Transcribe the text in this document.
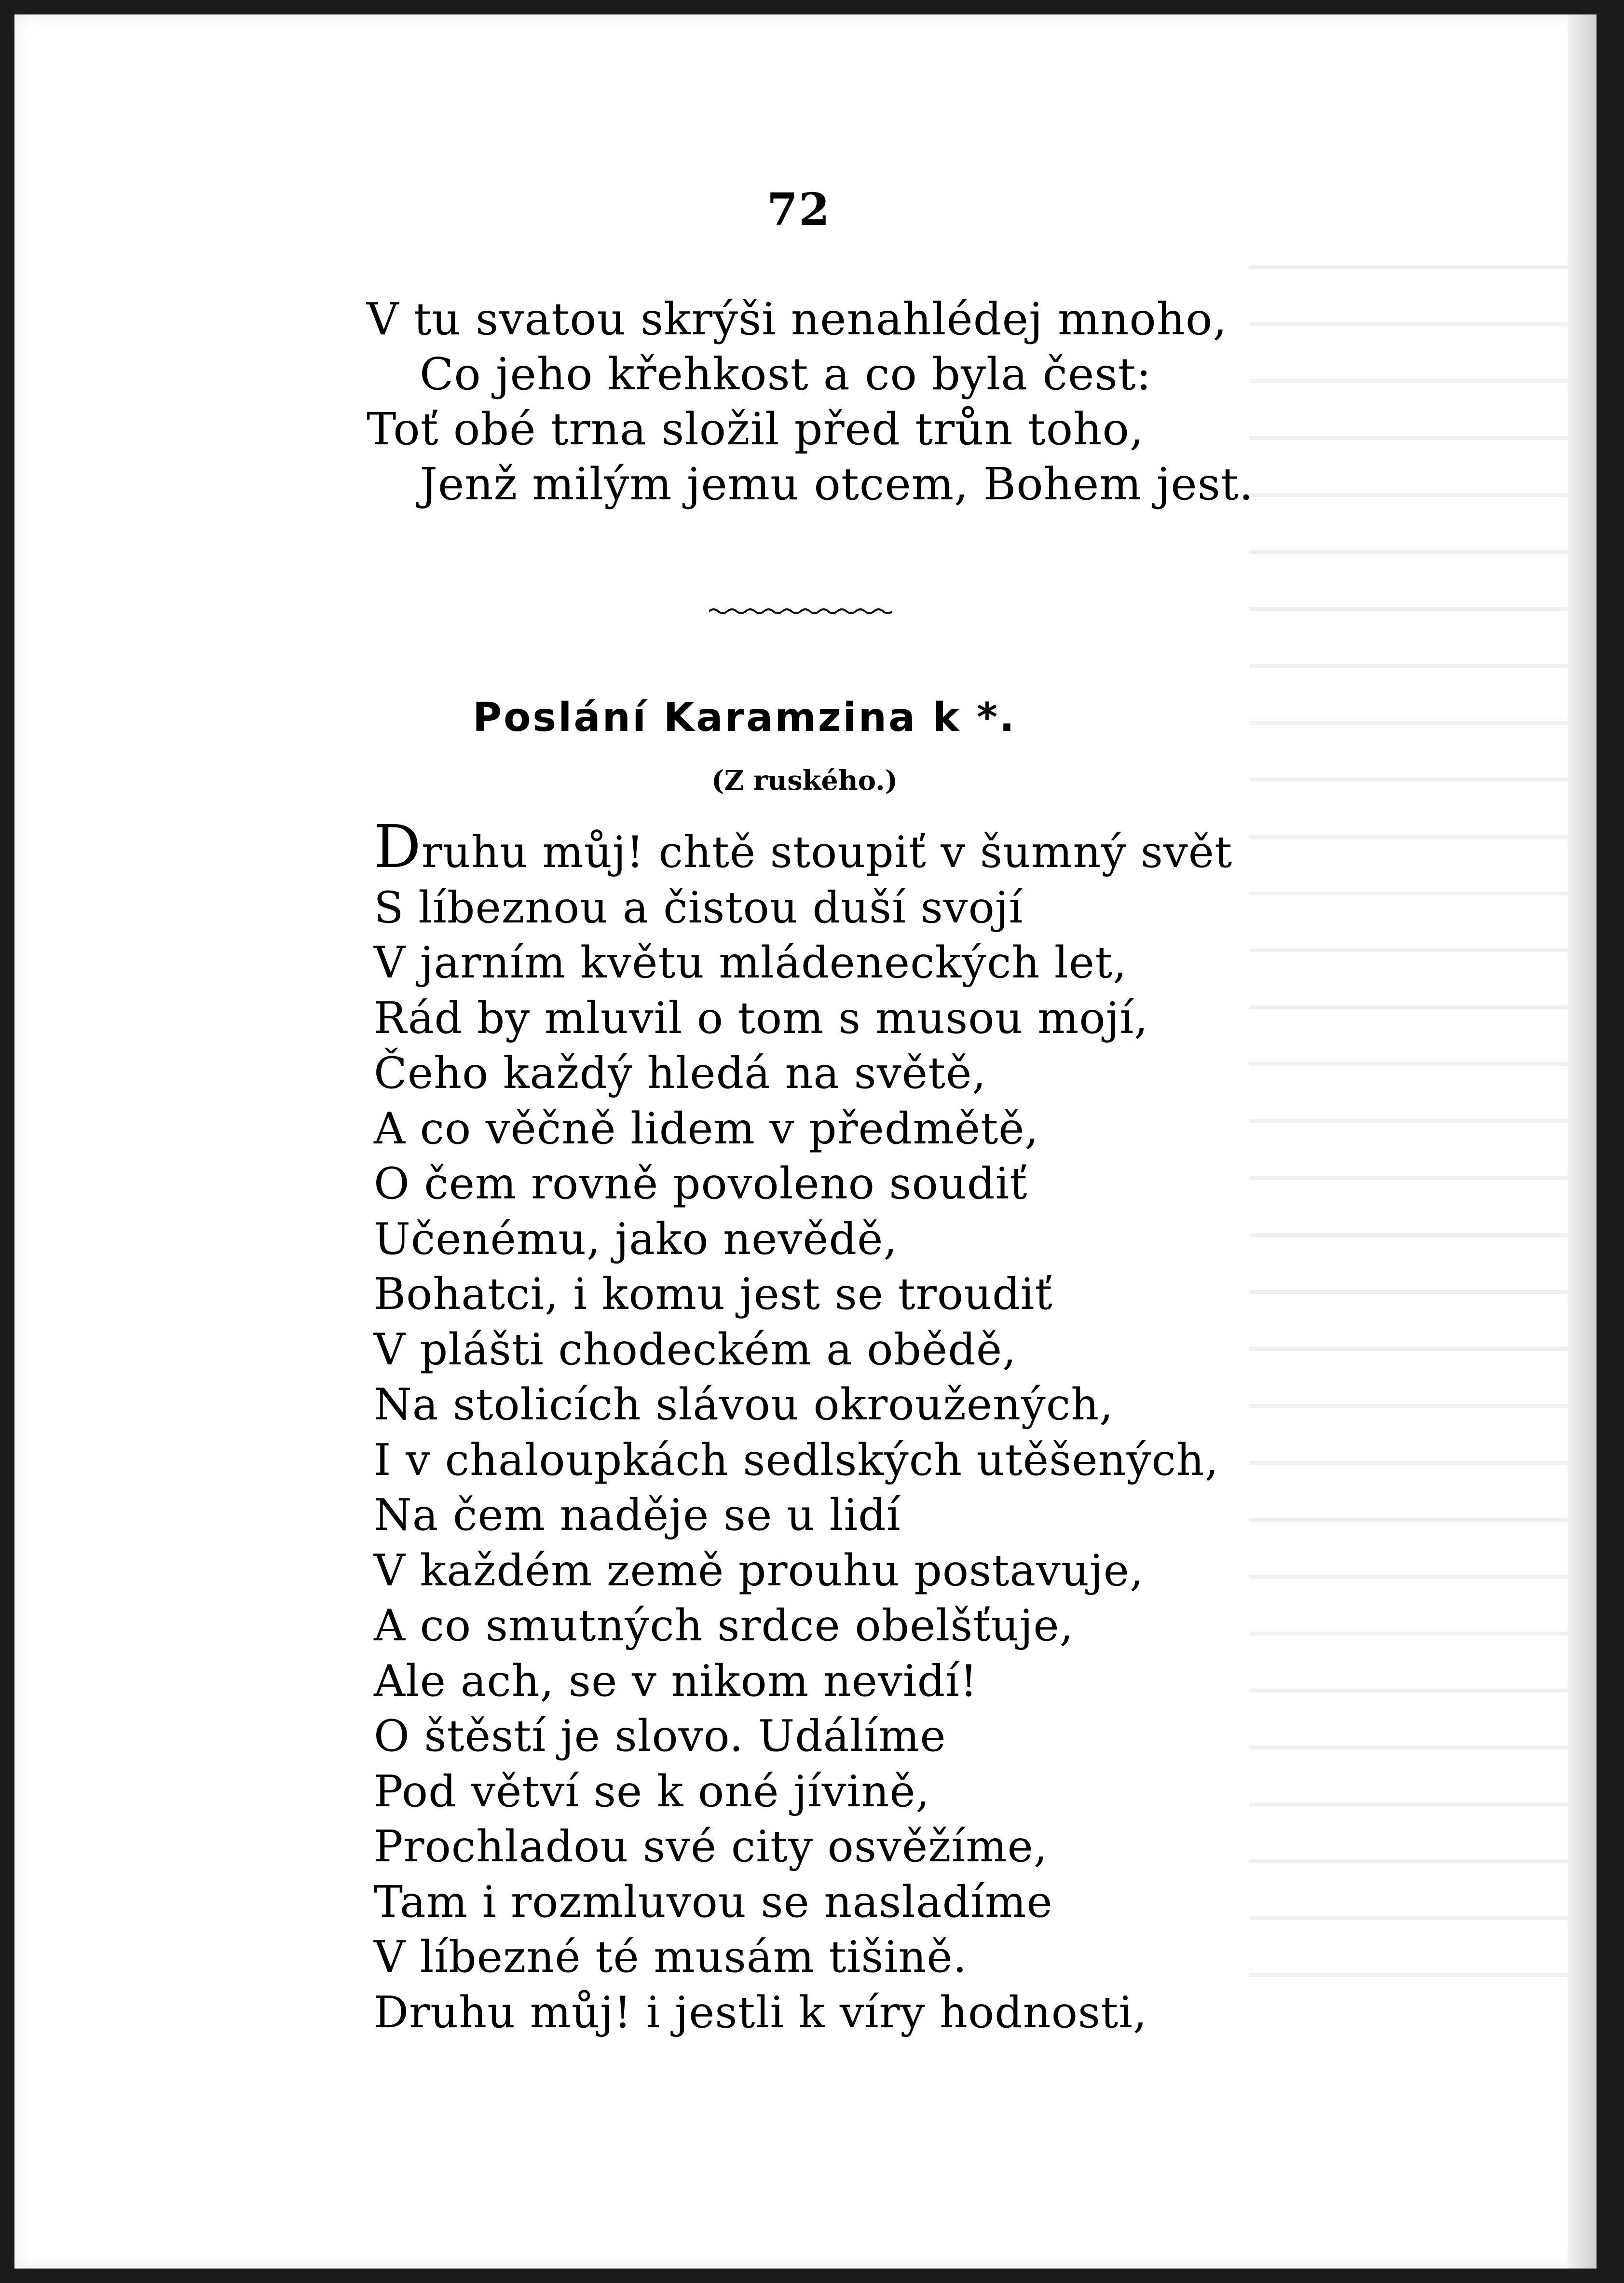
72
V tu svatou skrýši nenahlédej mnoho,
Co jeho křehkost a co byla čest:
Toť obé trna složil před trůn toho,
Jenž milým jemu otcem, Bohem jest.
Poslání Karamzina k *.
(Z ruského.)
Druhu můj! chtě stoupiť v šumný svět
S líbeznou a čistou duší svojí
V jarním květu mládeneckých let,
Rád by mluvil o tom s musou mojí,
Čeho každý hledá na světě,
A co věčně lidem v předmětě,
O čem rovně povoleno soudiť
Učenému, jako nevědě,
Bohatci, i komu jest se troudiť
V plášti chodeckém a obědě,
Na stolicích slávou okroužených,
I v chaloupkách sedlských utěšených,
Na čem naděje se u lidí
V každém země prouhu postavuje,
A co smutných srdce obelšťuje,
Ale ach, se v nikom nevidí!
O štěstí je slovo. Událíme
Pod větví se k oné jívině,
Prochladou své city osvěžíme,
Tam i rozmluvou se nasladíme
V líbezné té musám tišině.
Druhu můj! i jestli k víry hodnosti,
